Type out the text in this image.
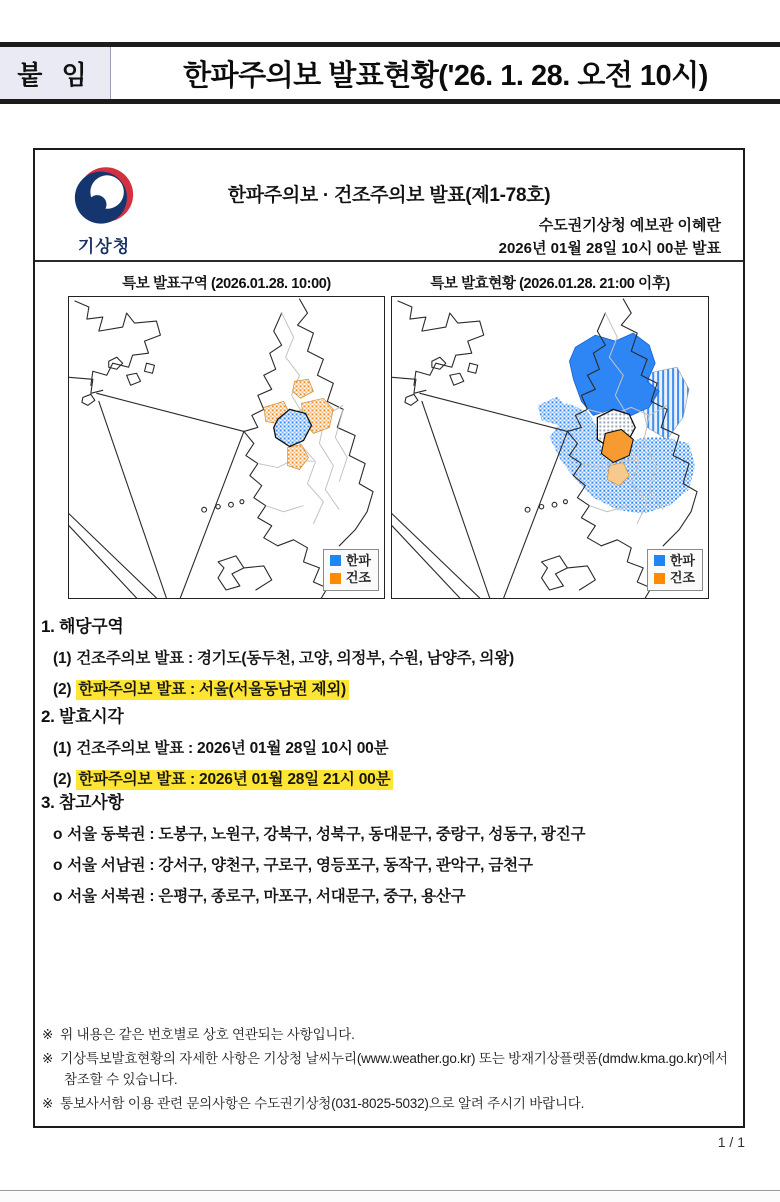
붙 임	한파주의보 발표현황('26. 1. 28. 오전 10시)
기상청
한파주의보 · 건조주의보 발표(제1-78호)
수도권기상청 예보관 이혜란
2026년 01월 28일 10시 00분 발표
특보 발표구역 (2026.01.28. 10:00)
한파
건조
특보 발효현황 (2026.01.28. 21:00 이후)
한파
건조
1. 해당구역
(1) 건조주의보 발표 : 경기도(동두천, 고양, 의정부, 수원, 남양주, 의왕)
(2) 한파주의보 발표 : 서울(서울동남권 제외)
2. 발효시각
(1) 건조주의보 발표 : 2026년 01월 28일 10시 00분
(2) 한파주의보 발표 : 2026년 01월 28일 21시 00분
3. 참고사항
o 서울 동북권 : 도봉구, 노원구, 강북구, 성북구, 동대문구, 중랑구, 성동구, 광진구
o 서울 서남권 : 강서구, 양천구, 구로구, 영등포구, 동작구, 관악구, 금천구
o 서울 서북권 : 은평구, 종로구, 마포구, 서대문구, 중구, 용산구
※ 위 내용은 같은 번호별로 상호 연관되는 사항입니다.
※ 기상특보발효현황의 자세한 사항은 기상청 날씨누리(www.weather.go.kr) 또는 방재기상플랫폼(dmdw.kma.go.kr)에서 참조할 수 있습니다.
※ 통보사서함 이용 관련 문의사항은 수도권기상청(031-8025-5032)으로 알려 주시기 바랍니다.
1 / 1
